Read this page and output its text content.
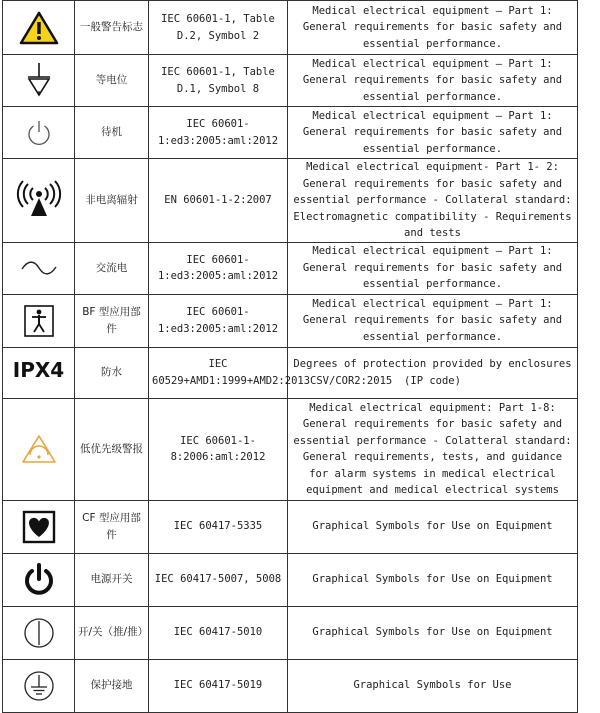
	一般警告标志	IEC 60601-1, Table D.2, Symbol 2	Medical electrical equipment — Part 1: General requirements for basic safety and essential performance.

	等电位	IEC 60601-1, Table D.1, Symbol 8	Medical electrical equipment — Part 1: General requirements for basic safety and essential performance.

	待机	IEC 60601-1:ed3:2005:aml:2012	Medical electrical equipment — Part 1: General requirements for basic safety and essential performance.

	非电离辐射	EN 60601-1-2:2007	Medical electrical equipment- Part 1- 2: General requirements for basic safety and essential performance - Collateral standard: Electromagnetic compatibility - Requirements and tests

	交流电	IEC 60601-1:ed3:2005:aml:2012	Medical electrical equipment — Part 1: General requirements for basic safety and essential performance.

	BF 型应用部件	IEC 60601-1:ed3:2005:aml:2012	Medical electrical equipment — Part 1: General requirements for basic safety and essential performance.
IPX4	防水	IEC 60529+AMD1:1999+AMD2:2013CSV/COR2:2015	Degrees of protection provided by enclosures (IP code)

	低优先级警报	IEC 60601-1-8:2006:aml:2012	Medical electrical equipment: Part 1-8: General requirements for basic safety and essential performance - Colatteral standard: General requirements, tests, and guidance for alarm systems in medical electrical equipment and medical electrical systems

	CF 型应用部件	IEC 60417-5335	Graphical Symbols for Use on Equipment

	电源开关	IEC 60417-5007, 5008	Graphical Symbols for Use on Equipment

	开/关（推/推）	IEC 60417-5010	Graphical Symbols for Use on Equipment

	保护接地	IEC 60417-5019	Graphical Symbols for Use
